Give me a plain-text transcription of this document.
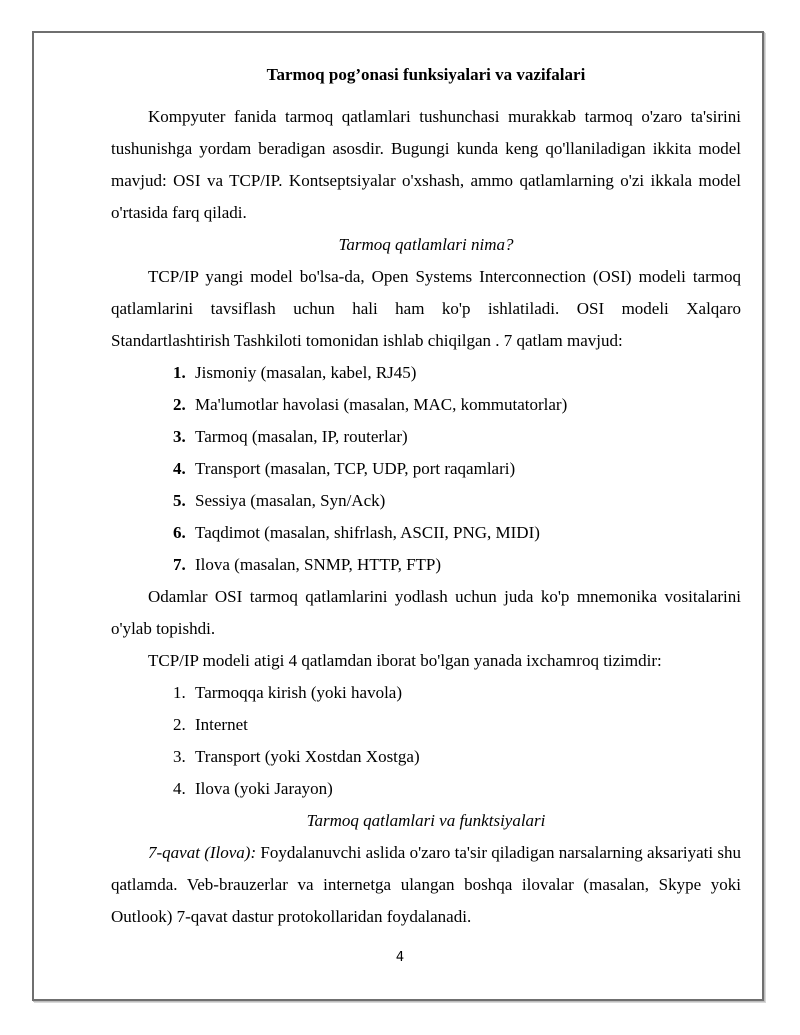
Tarmoq pog’onasi funksiyalari va vazifalari

Kompyuter fanida tarmoq qatlamlari tushunchasi murakkab tarmoq o'zaro ta'sirini tushunishga yordam beradigan asosdir. Bugungi kunda keng qo'llaniladigan ikkita model mavjud: OSI va TCP/IP. Kontseptsiyalar o'xshash, ammo qatlamlarning o'zi ikkala model o'rtasida farq qiladi.

Tarmoq qatlamlari nima?

TCP/IP yangi model bo'lsa-da, Open Systems Interconnection (OSI) modeli tarmoq qatlamlarini tavsiflash uchun hali ham ko'p ishlatiladi. OSI modeli Xalqaro Standartlashtirish Tashkiloti tomonidan ishlab chiqilgan . 7 qatlam mavjud:

1. Jismoniy (masalan, kabel, RJ45)
2. Ma'lumotlar havolasi (masalan, MAC, kommutatorlar)
3. Tarmoq (masalan, IP, routerlar)
4. Transport (masalan, TCP, UDP, port raqamlari)
5. Sessiya (masalan, Syn/Ack)
6. Taqdimot (masalan, shifrlash, ASCII, PNG, MIDI)
7. Ilova (masalan, SNMP, HTTP, FTP)

Odamlar OSI tarmoq qatlamlarini yodlash uchun juda ko'p mnemonika vositalarini o'ylab topishdi.

TCP/IP modeli atigi 4 qatlamdan iborat bo'lgan yanada ixchamroq tizimdir:

1. Tarmoqqa kirish (yoki havola)
2. Internet
3. Transport (yoki Xostdan Xostga)
4. Ilova (yoki Jarayon)
Tarmoq qatlamlari va funktsiyalari

7-qavat (Ilova): Foydalanuvchi aslida o'zaro ta'sir qiladigan narsalarning aksariyati shu qatlamda. Veb-brauzerlar va internetga ulangan boshqa ilovalar (masalan, Skype yoki Outlook) 7-qavat dastur protokollaridan foydalanadi.

4
